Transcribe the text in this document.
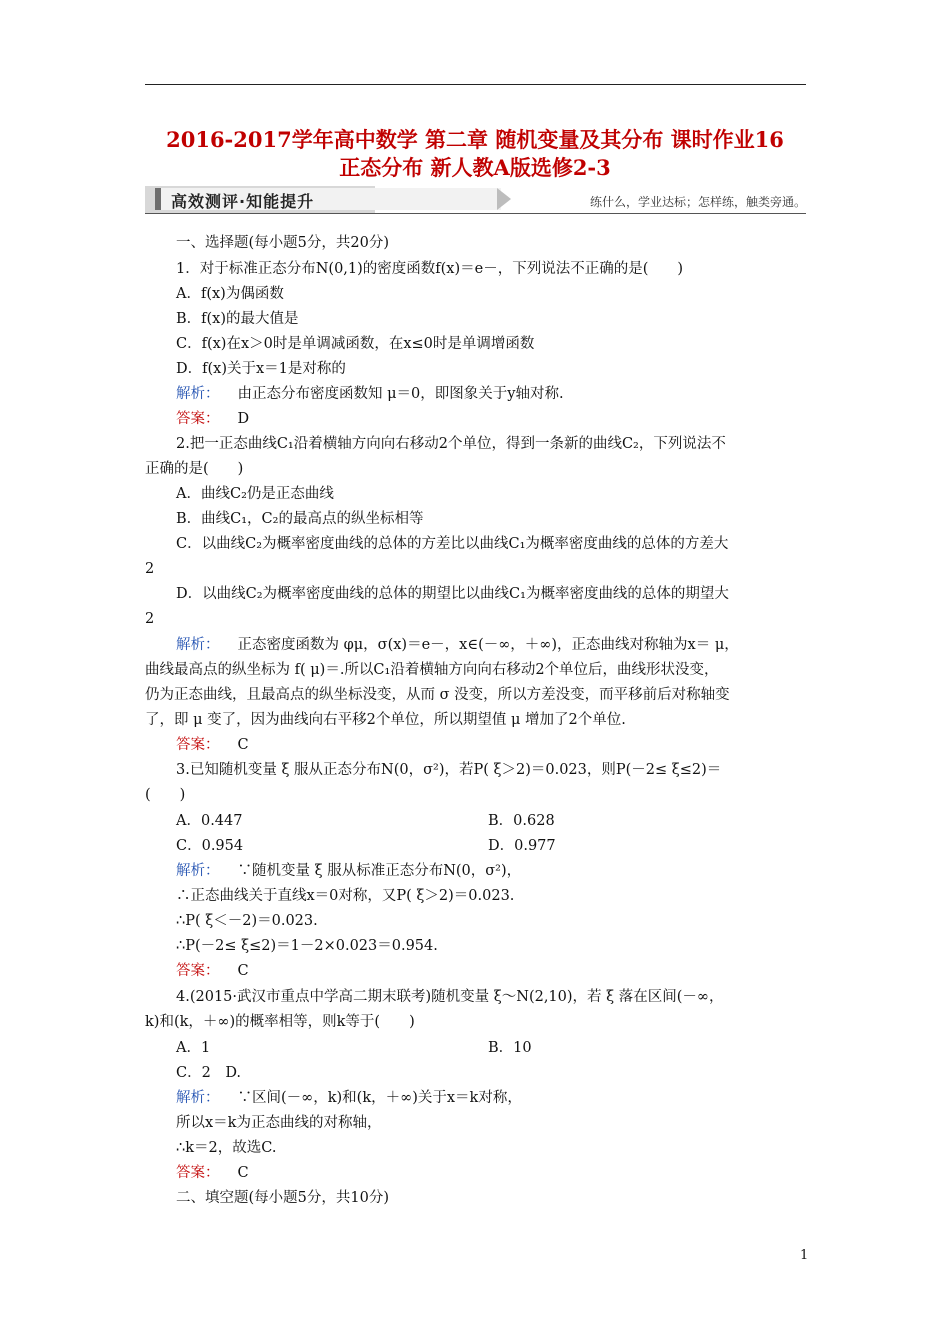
2016-2017学年高中数学 第二章 随机变量及其分布 课时作业16
正态分布 新人教A版选修2-3
高效测评·知能提升	练什么，学业达标；怎样练，触类旁通。
一、选择题(每小题5分，共20分)
1．对于标准正态分布N(0,1)的密度函数f(x)＝e－，下列说法不正确的是(　　)
A．f(x)为偶函数
B．f(x)的最大值是
C．f(x)在x＞0时是单调减函数，在x≤0时是单调增函数
D．f(x)关于x＝1是对称的
解析： 由正态分布密度函数知 μ＝0，即图象关于y轴对称.
答案： D
2.把一正态曲线C₁沿着横轴方向向右移动2个单位，得到一条新的曲线C₂，下列说法不
正确的是(　　)
A．曲线C₂仍是正态曲线
B．曲线C₁，C₂的最高点的纵坐标相等
C．以曲线C₂为概率密度曲线的总体的方差比以曲线C₁为概率密度曲线的总体的方差大
2
D．以曲线C₂为概率密度曲线的总体的期望比以曲线C₁为概率密度曲线的总体的期望大
2
解析： 正态密度函数为 φμ，σ(x)＝e－，x∈(－∞，＋∞)，正态曲线对称轴为x＝ μ，
曲线最高点的纵坐标为 f( μ)＝.所以C₁沿着横轴方向向右移动2个单位后，曲线形状没变，
仍为正态曲线，且最高点的纵坐标没变，从而 σ 没变，所以方差没变，而平移前后对称轴变
了，即 μ 变了，因为曲线向右平移2个单位，所以期望值 μ 增加了2个单位.
答案： C
3.已知随机变量 ξ 服从正态分布N(0，σ²)，若P( ξ＞2)＝0.023，则P(－2≤ ξ≤2)＝
(　　)
A．0.447	B．0.628
C．0.954	D．0.977
解析： ∵随机变量 ξ 服从标准正态分布N(0，σ²)，
∴正态曲线关于直线x＝0对称，又P( ξ＞2)＝0.023.
∴P( ξ＜－2)＝0.023.
∴P(－2≤ ξ≤2)＝1－2×0.023＝0.954.
答案： C
4.(2015·武汉市重点中学高二期末联考)随机变量 ξ～N(2,10)，若 ξ 落在区间(－∞，
k)和(k，＋∞)的概率相等，则k等于(　　)
A．1	B．10
C．2　D.
解析： ∵区间(－∞，k)和(k，＋∞)关于x＝k对称，
所以x＝k为正态曲线的对称轴，
∴k＝2，故选C.
答案： C
二、填空题(每小题5分，共10分)
1
